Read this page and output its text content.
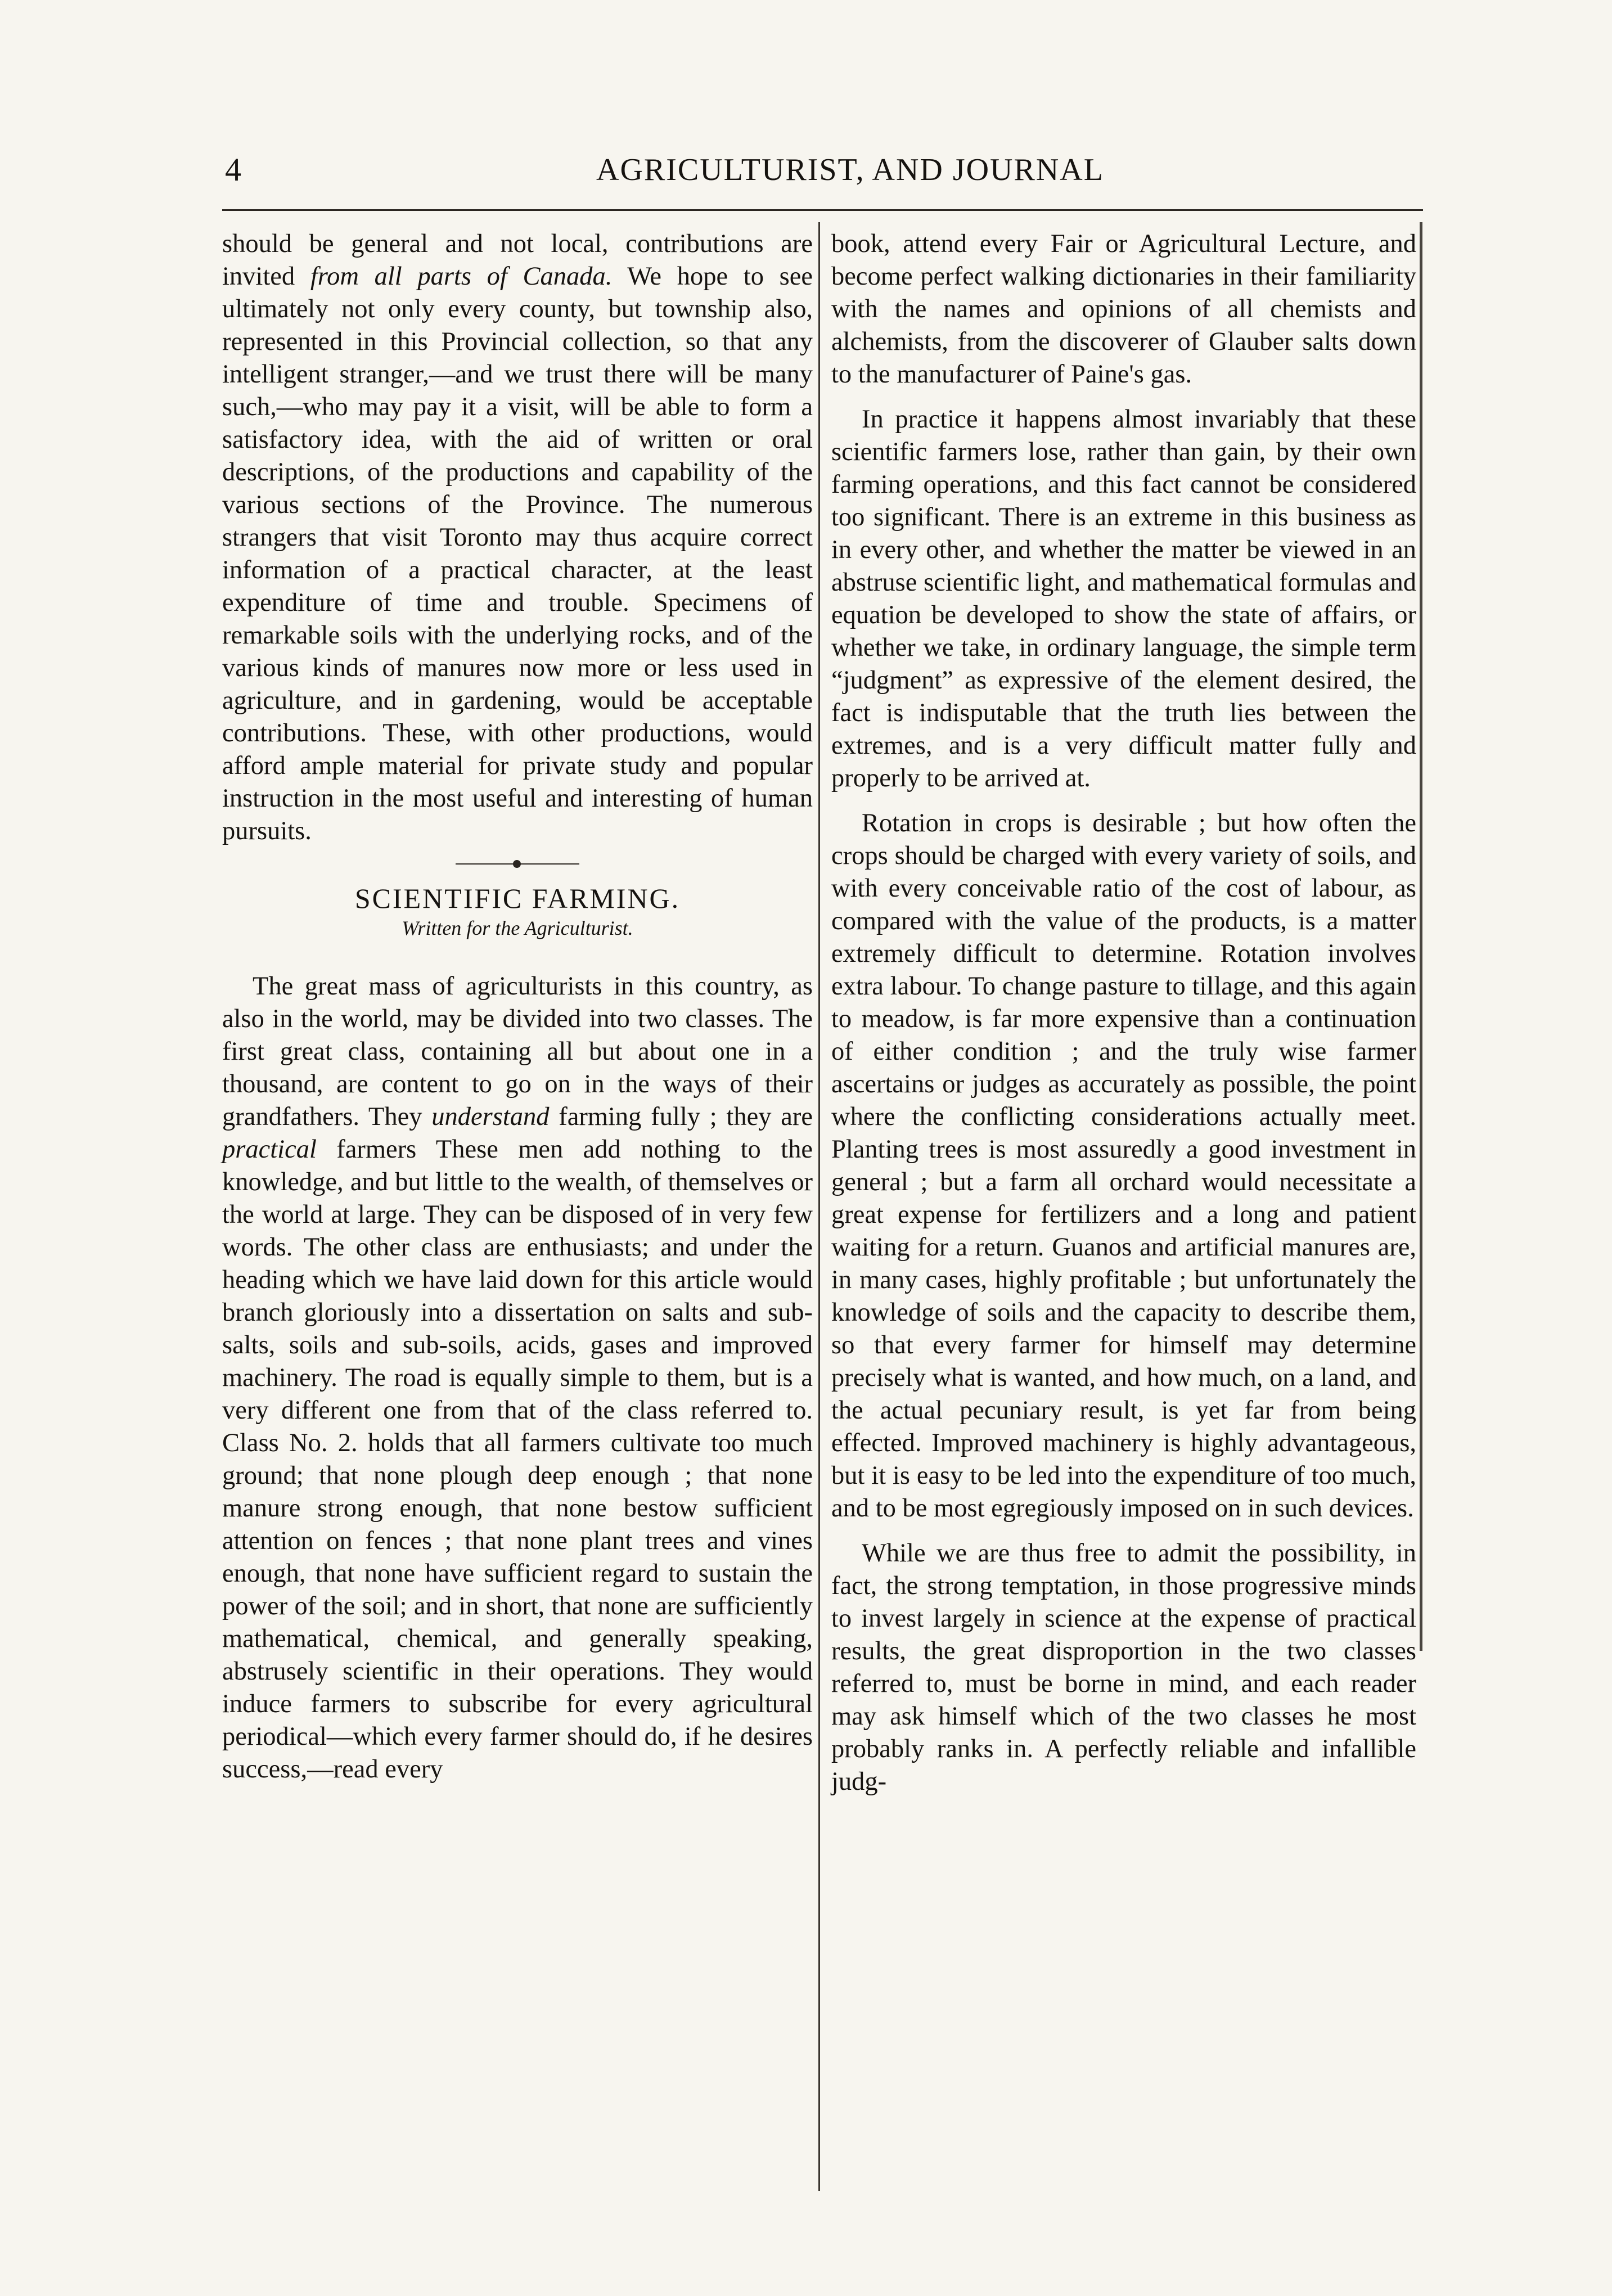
4	AGRICULTURIST, AND JOURNAL

should be general and not local, contributions are invited from all parts of Canada. We hope to see ultimately not only every county, but township also, represented in this Provincial collection, so that any intelligent stranger,—and we trust there will be many such,—who may pay it a visit, will be able to form a satisfactory idea, with the aid of written or oral descriptions, of the productions and capability of the various sections of the Province. The numerous strangers that visit Toronto may thus acquire correct information of a practical character, at the least expenditure of time and trouble. Specimens of remarkable soils with the underlying rocks, and of the various kinds of manures now more or less used in agriculture, and in gardening, would be acceptable contributions. These, with other productions, would afford ample material for private study and popular instruction in the most useful and interesting of human pursuits.

SCIENTIFIC FARMING.
Written for the Agriculturist.

The great mass of agriculturists in this country, as also in the world, may be divided into two classes. The first great class, containing all but about one in a thousand, are content to go on in the ways of their grandfathers. They understand farming fully ; they are practical farmers These men add nothing to the knowledge, and but little to the wealth, of themselves or the world at large. They can be disposed of in very few words. The other class are enthusiasts; and under the heading which we have laid down for this article would branch gloriously into a dissertation on salts and sub-salts, soils and sub-soils, acids, gases and improved machinery. The road is equally simple to them, but is a very different one from that of the class referred to. Class No. 2. holds that all farmers cultivate too much ground; that none plough deep enough ; that none manure strong enough, that none bestow sufficient attention on fences ; that none plant trees and vines enough, that none have sufficient regard to sustain the power of the soil; and in short, that none are sufficiently mathematical, chemical, and generally speaking, abstrusely scientific in their operations. They would induce farmers to subscribe for every agricultural periodical—which every farmer should do, if he desires success,—read every

book, attend every Fair or Agricultural Lecture, and become perfect walking dictionaries in their familiarity with the names and opinions of all chemists and alchemists, from the discoverer of Glauber salts down to the manufacturer of Paine's gas.

In practice it happens almost invariably that these scientific farmers lose, rather than gain, by their own farming operations, and this fact cannot be considered too significant. There is an extreme in this business as in every other, and whether the matter be viewed in an abstruse scientific light, and mathematical formulas and equation be developed to show the state of affairs, or whether we take, in ordinary language, the simple term “judgment” as expressive of the element desired, the fact is indisputable that the truth lies between the extremes, and is a very difficult matter fully and properly to be arrived at.

Rotation in crops is desirable ; but how often the crops should be charged with every variety of soils, and with every conceivable ratio of the cost of labour, as compared with the value of the products, is a matter extremely difficult to determine. Rotation involves extra labour. To change pasture to tillage, and this again to meadow, is far more expensive than a continuation of either condition ; and the truly wise farmer ascertains or judges as accurately as possible, the point where the conflicting considerations actually meet. Planting trees is most assuredly a good investment in general ; but a farm all orchard would necessitate a great expense for fertilizers and a long and patient waiting for a return. Guanos and artificial manures are, in many cases, highly profitable ; but unfortunately the knowledge of soils and the capacity to describe them, so that every farmer for himself may determine precisely what is wanted, and how much, on a land, and the actual pecuniary result, is yet far from being effected. Improved machinery is highly advantageous, but it is easy to be led into the expenditure of too much, and to be most egregiously imposed on in such devices.

While we are thus free to admit the possibility, in fact, the strong temptation, in those progressive minds to invest largely in science at the expense of practical results, the great disproportion in the two classes referred to, must be borne in mind, and each reader may ask himself which of the two classes he most probably ranks in. A perfectly reliable and infallible judg-
